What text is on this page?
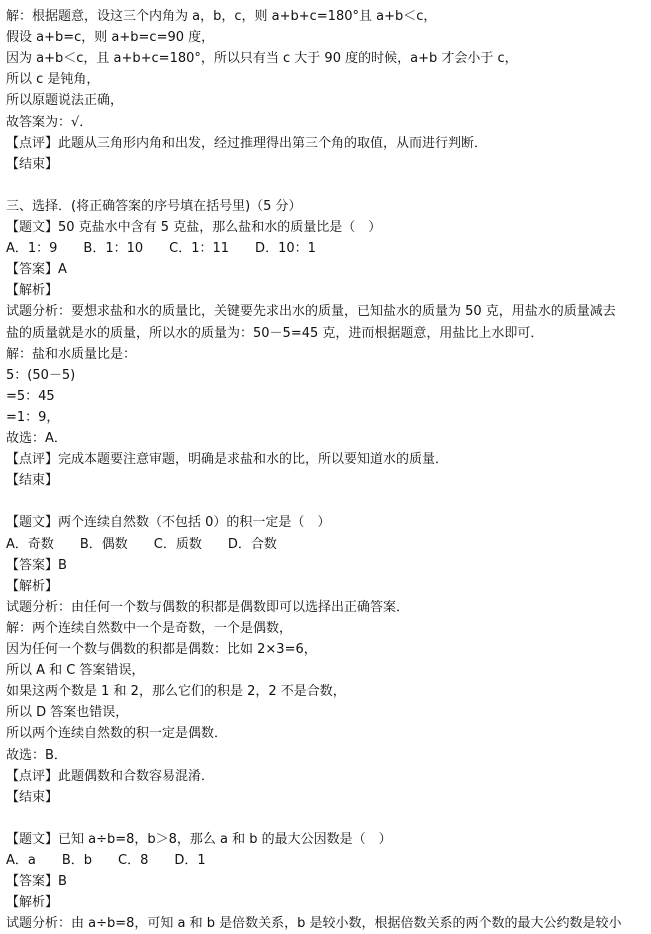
解：根据题意，设这三个内角为 a，b，c，则 a+b+c=180°且 a+b＜c，
假设 a+b=c，则 a+b=c=90 度，
因为 a+b＜c，且 a+b+c=180°，所以只有当 c 大于 90 度的时候，a+b 才会小于 c，
所以 c 是钝角，
所以原题说法正确，
故答案为：√．
【点评】此题从三角形内角和出发，经过推理得出第三个角的取值，从而进行判断．
【结束】
三、选择．(将正确答案的序号填在括号里)（5 分）
【题文】50 克盐水中含有 5 克盐，那么盐和水的质量比是（　）
A．1：9　　B．1：10　　C．1：11　　D．10：1
【答案】A
【解析】
试题分析：要想求盐和水的质量比，关键要先求出水的质量，已知盐水的质量为 50 克，用盐水的质量减去
盐的质量就是水的质量，所以水的质量为：50－5=45 克，进而根据题意，用盐比上水即可．
解：盐和水质量比是：
5：(50－5)
=5：45
=1：9，
故选：A．
【点评】完成本题要注意审题，明确是求盐和水的比，所以要知道水的质量．
【结束】
【题文】两个连续自然数（不包括 0）的积一定是（　）
A．奇数　　B．偶数　　C．质数　　D．合数
【答案】B
【解析】
试题分析：由任何一个数与偶数的积都是偶数即可以选择出正确答案．
解：两个连续自然数中一个是奇数，一个是偶数，
因为任何一个数与偶数的积都是偶数：比如 2×3=6，
所以 A 和 C 答案错误，
如果这两个数是 1 和 2，那么它们的积是 2，2 不是合数，
所以 D 答案也错误，
所以两个连续自然数的积一定是偶数．
故选：B．
【点评】此题偶数和合数容易混淆．
【结束】
【题文】已知 a÷b=8，b＞8，那么 a 和 b 的最大公因数是（　）
A．a　　B．b　　C．8　　D．1
【答案】B
【解析】
试题分析：由 a÷b=8，可知 a 和 b 是倍数关系，b 是较小数，根据倍数关系的两个数的最大公约数是较小
